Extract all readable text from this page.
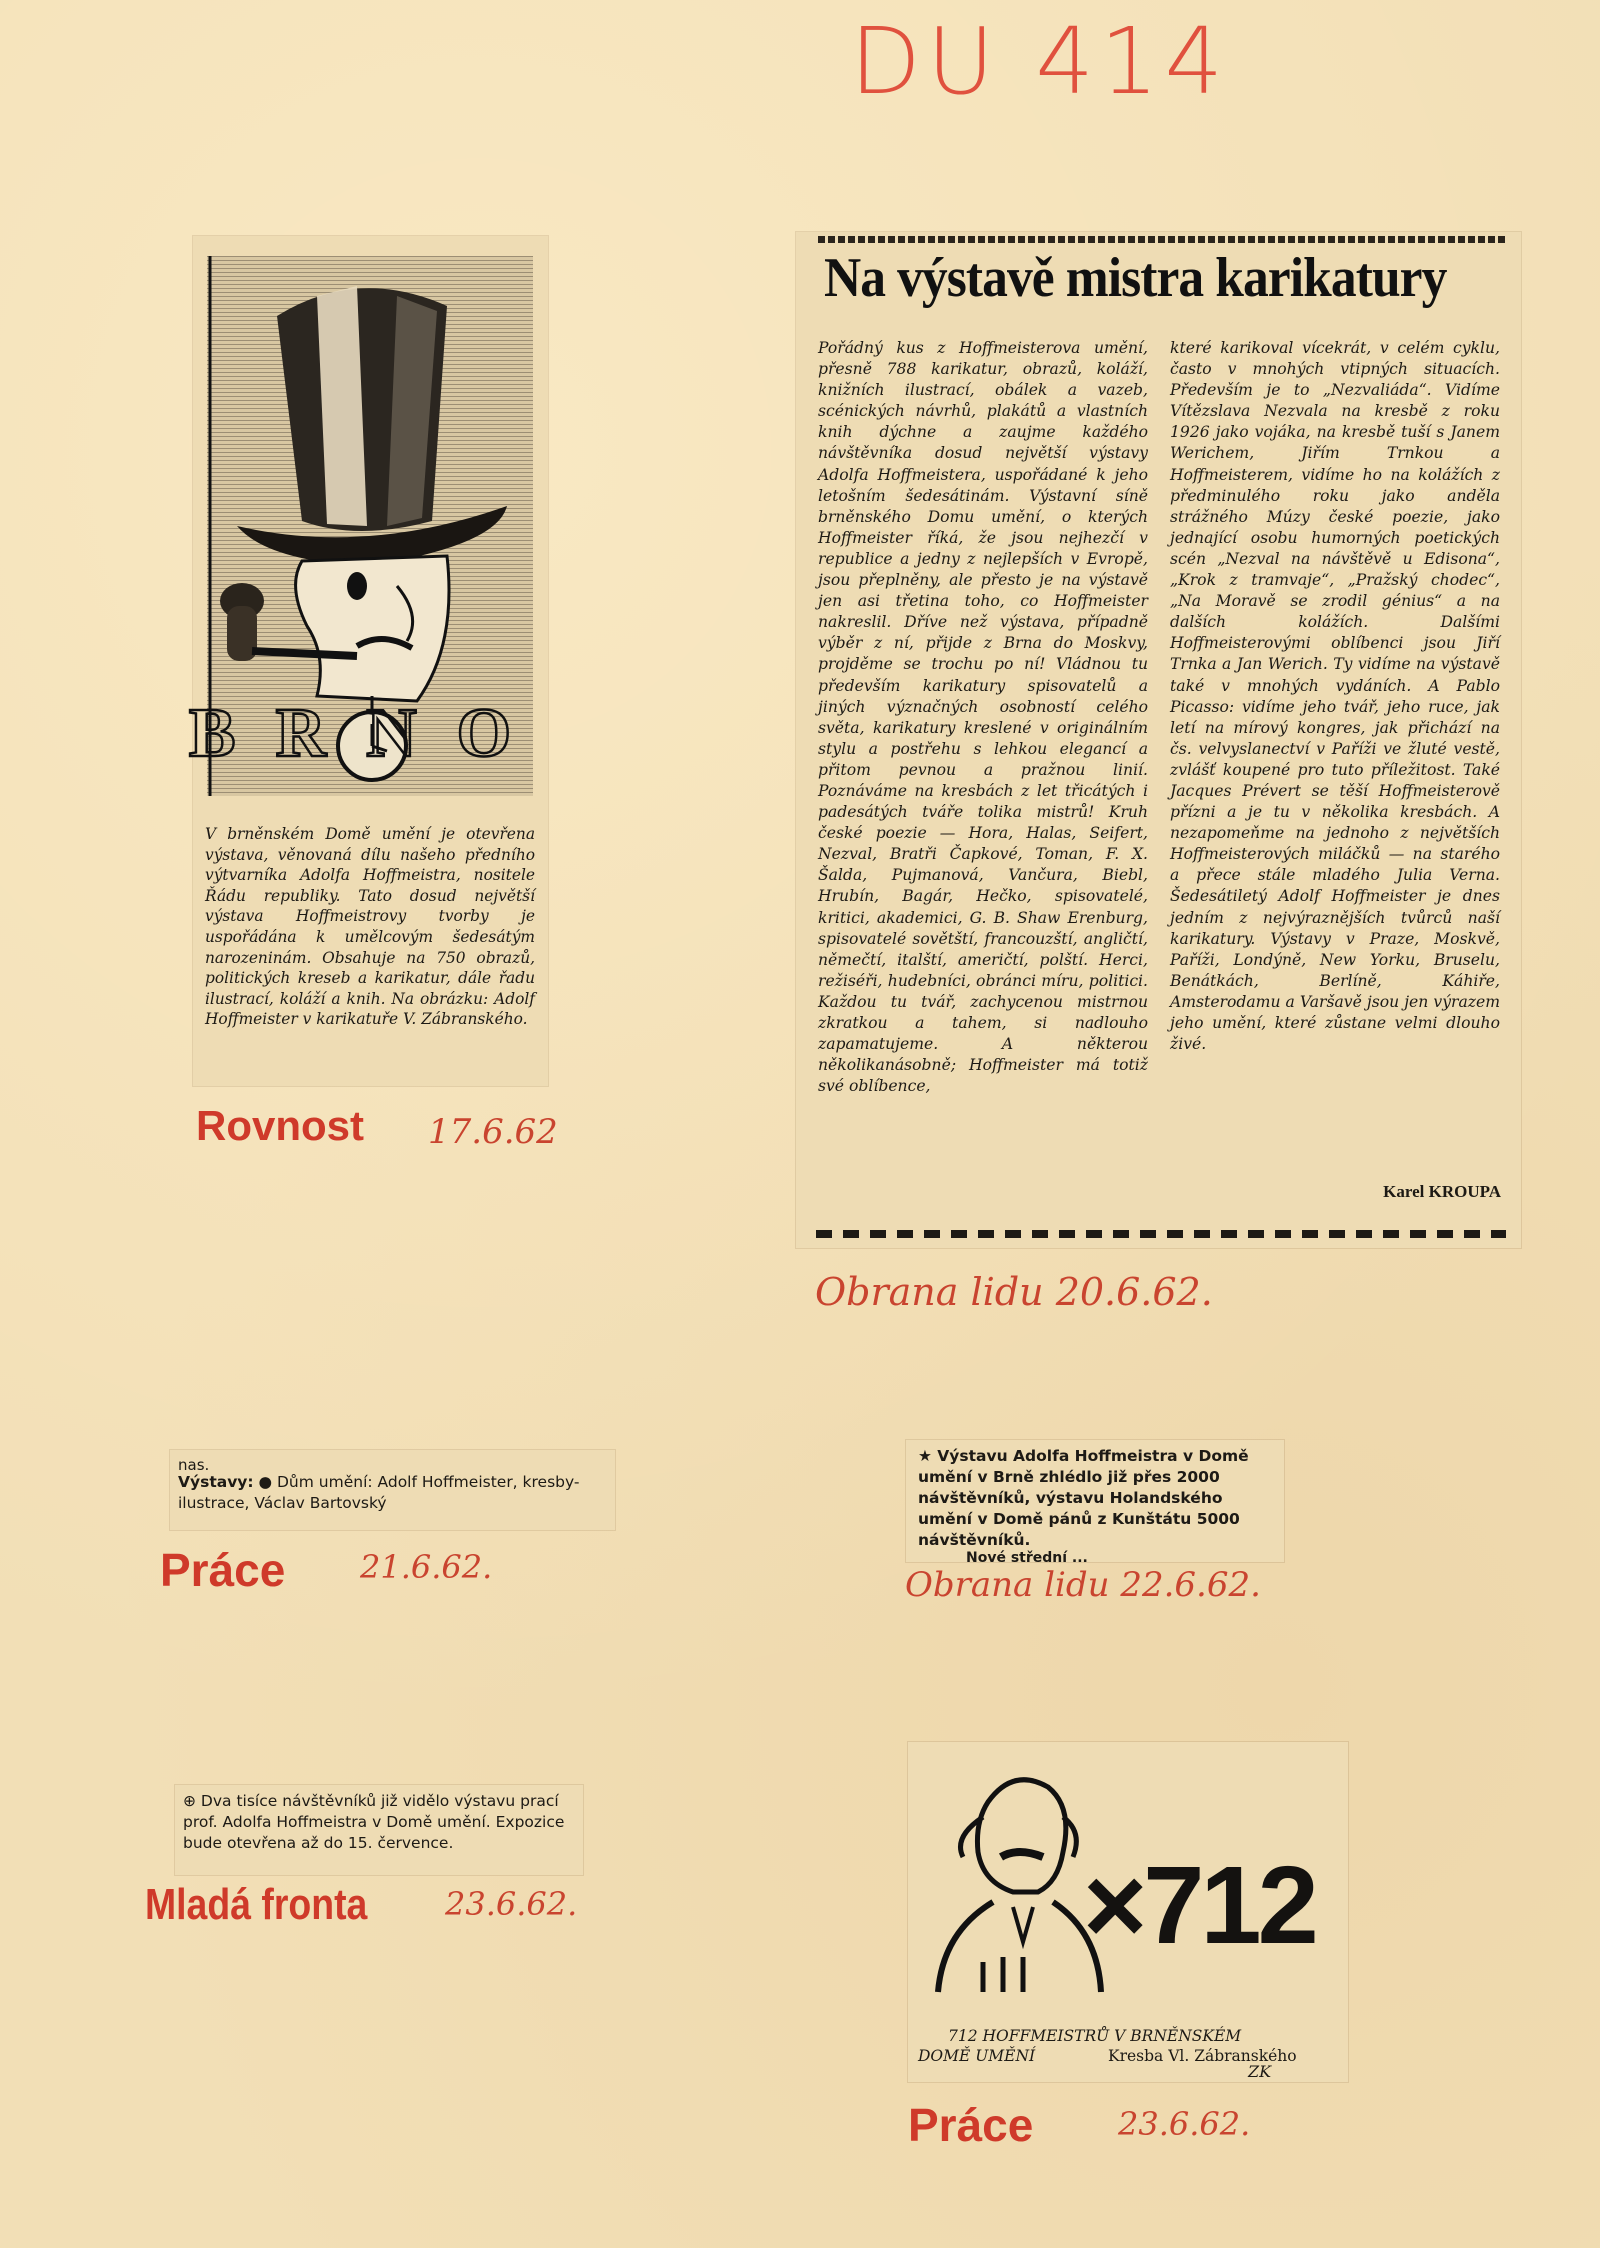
DU 414
BRNO
V brněnském Domě umění je otevřena výstava, věnovaná dílu našeho předního výtvarníka Adolfa Hoffmeistra, nositele Řádu republiky. Tato dosud největší výstava Hoffmeistrovy tvorby je uspořádána k umělcovým šedesátým narozeninám. Obsahuje na 750 obrazů, politických kreseb a karikatur, dále řadu ilustrací, koláží a knih. Na obrázku: Adolf Hoffmeister v karikatuře V. Zábranského.
Rovnost 17.6.62
Na výstavě mistra karikatury
Pořádný kus z Hoffmeisterova umění, přesně 788 karikatur, obrazů, koláží, knižních ilustrací, obálek a vazeb, scénických návrhů, plakátů a vlastních knih dýchne a zaujme každého návštěvníka dosud největší výstavy Adolfa Hoffmeistera, uspořádané k jeho letošním šedesátinám. Výstavní síně brněnského Domu umění, o kterých Hoffmeister říká, že jsou nejhezčí v republice a jedny z nejlepších v Evropě, jsou přeplněny, ale přesto je na výstavě jen asi třetina toho, co Hoffmeister nakreslil. Dříve než výstava, případně výběr z ní, přijde z Brna do Moskvy, projděme se trochu po ní! Vládnou tu především karikatury spisovatelů a jiných význačných osobností celého světa, karikatury kreslené v originálním stylu a postřehu s lehkou elegancí a přitom pevnou a pražnou linií. Poznáváme na kresbách z let třicátých i padesátých tváře tolika mistrů! Kruh české poezie — Hora, Halas, Seifert, Nezval, Bratři Čapkové, Toman, F. X. Šalda, Pujmanová, Vančura, Biebl, Hrubín, Bagár, Hečko, spisovatelé, kritici, akademici, G. B. Shaw Erenburg, spisovatelé sovětští, francouzští, angličtí, němečtí, italští, američtí, polští. Herci, režiséři, hudebníci, obránci míru, politici. Každou tu tvář, zachycenou mistrnou zkratkou a tahem, si nadlouho zapamatujeme. A některou několikanásobně; Hoffmeister má totiž své oblíbence,
které karikoval vícekrát, v celém cyklu, často v mnohých vtipných situacích. Především je to „Nezvaliáda“. Vidíme Vítězslava Nezvala na kresbě z roku 1926 jako vojáka, na kresbě tuší s Janem Werichem, Jiřím Trnkou a Hoffmeisterem, vidíme ho na kolážích z předminulého roku jako anděla strážného Múzy české poezie, jako jednající osobu humorných poetických scén „Nezval na návštěvě u Edisona“, „Krok z tramvaje“, „Pražský chodec“, „Na Moravě se zrodil génius“ a na dalších kolážích. Dalšími Hoffmeisterovými oblíbenci jsou Jiří Trnka a Jan Werich. Ty vidíme na výstavě také v mnohých vydáních. A Pablo Picasso: vidíme jeho tvář, jeho ruce, jak letí na mírový kongres, jak přichází na čs. velvyslanectví v Paříži ve žluté vestě, zvlášť koupené pro tuto příležitost. Také Jacques Prévert se těší Hoffmeisterově přízni a je tu v několika kresbách. A nezapomeňme na jednoho z největších Hoffmeisterových miláčků — na starého a přece stále mladého Julia Verna. Šedesátiletý Adolf Hoffmeister je dnes jedním z nejvýraznějších tvůrců naší karikatury. Výstavy v Praze, Moskvě, Paříži, Londýně, New Yorku, Bruselu, Benátkách, Berlíně, Káhiře, Amsterodamu a Varšavě jsou jen výrazem jeho umění, které zůstane velmi dlouho živé.
Karel KROUPA
Obrana lidu 20.6.62.
nas.
Výstavy: ● Dům umění: Adolf Hoffmeister, kresby-ilustrace, Václav Bartovský
Práce 21.6.62.
★ Výstavu Adolfa Hoffmeistra v Domě umění v Brně zhlédlo již přes 2000 návštěvníků, výstavu Holandského umění v Domě pánů z Kunštátu 5000 návštěvníků.
Nové střední ...
Obrana lidu 22.6.62.
⊕ Dva tisíce návštěvníků již vidělo výstavu prací prof. Adolfa Hoffmeistra v Domě umění. Expozice bude otevřena až do 15. července.
Mladá fronta 23.6.62.	×712
712 HOFFMEISTRŮ V BRNĚNSKÉM
DOMĚ UMĚNÍ	Kresba Vl. Zábranského
ZK
Práce	23.6.62.
